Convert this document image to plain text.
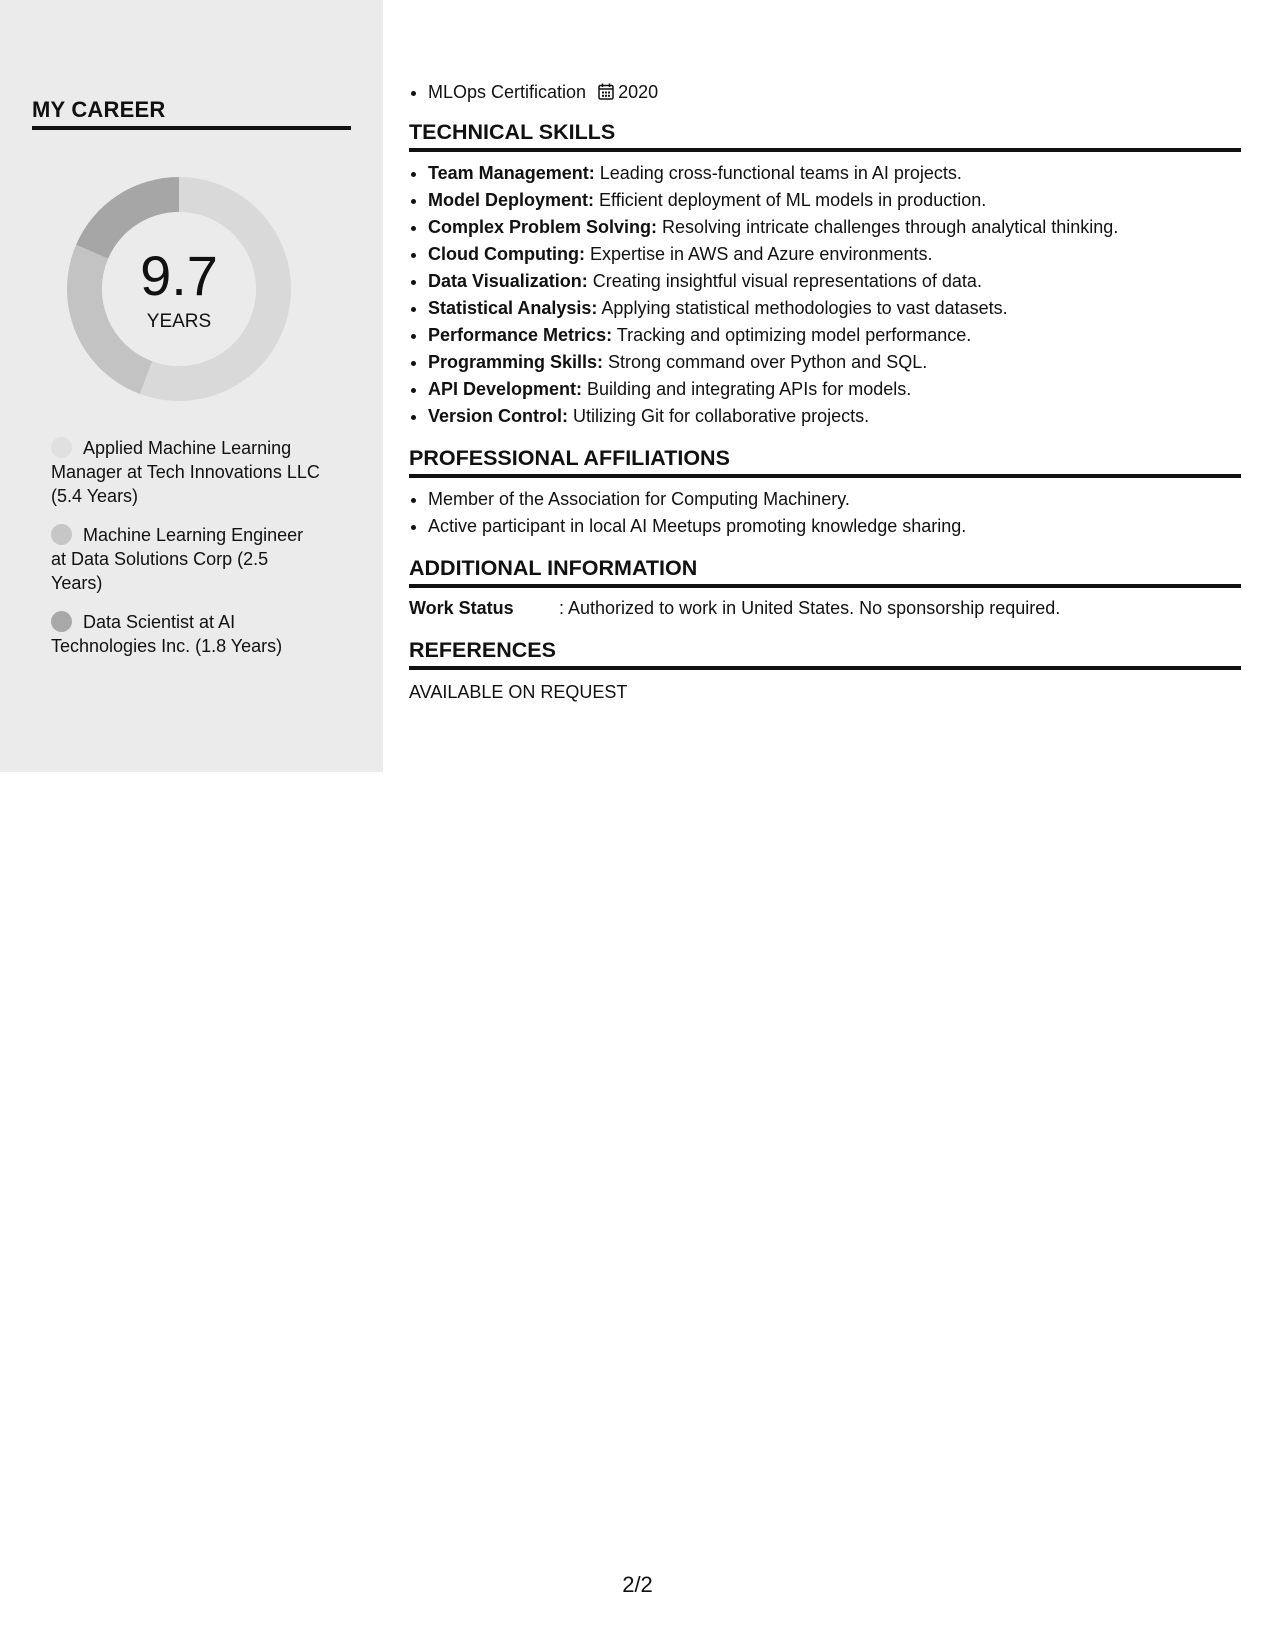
MY CAREER
9.7
YEARS
Applied Machine Learning Manager at Tech Innovations LLC (5.4 Years)
Machine Learning Engineer at Data Solutions Corp (2.5 Years)
Data Scientist at AI Technologies Inc. (1.8 Years)
• MLOps Certification 2020
TECHNICAL SKILLS
• Team Management: Leading cross-functional teams in AI projects.
• Model Deployment: Efficient deployment of ML models in production.
• Complex Problem Solving: Resolving intricate challenges through analytical thinking.
• Cloud Computing: Expertise in AWS and Azure environments.
• Data Visualization: Creating insightful visual representations of data.
• Statistical Analysis: Applying statistical methodologies to vast datasets.
• Performance Metrics: Tracking and optimizing model performance.
• Programming Skills: Strong command over Python and SQL.
• API Development: Building and integrating APIs for models.
• Version Control: Utilizing Git for collaborative projects.
PROFESSIONAL AFFILIATIONS
• Member of the Association for Computing Machinery.
• Active participant in local AI Meetups promoting knowledge sharing.
ADDITIONAL INFORMATION
Work Status	: Authorized to work in United States. No sponsorship required.
REFERENCES
AVAILABLE ON REQUEST
2/2
